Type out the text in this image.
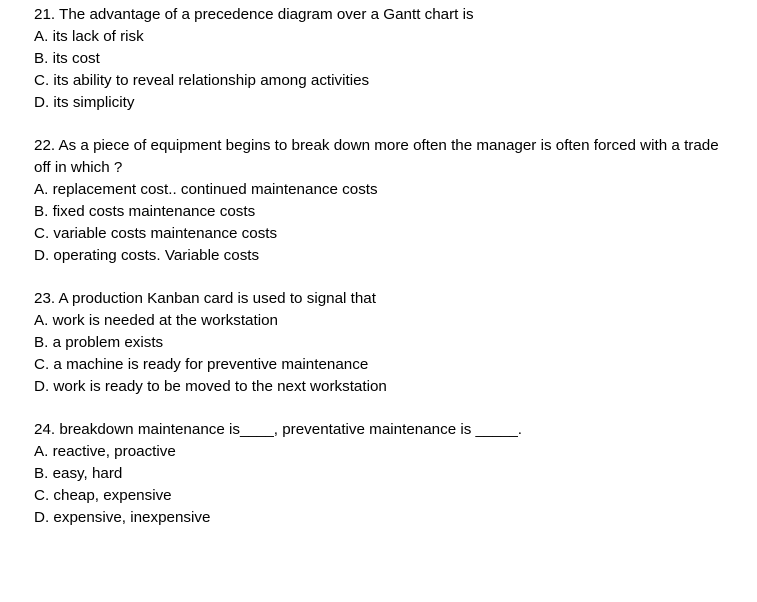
21. The advantage of a precedence diagram over a Gantt chart is

A. its lack of risk

B. its cost

C. its ability to reveal relationship among activities

D. its simplicity

22. As a piece of equipment begins to break down more often the manager is often forced with a trade off in which ?

A. replacement cost.. continued maintenance costs

B. fixed costs maintenance costs

C. variable costs maintenance costs

D. operating costs. Variable costs

23. A production Kanban card is used to signal that

A. work is needed at the workstation

B. a problem exists

C. a machine is ready for preventive maintenance

D. work is ready to be moved to the next workstation

24. breakdown maintenance is____, preventative maintenance is _____.

A. reactive, proactive

B. easy, hard

C. cheap, expensive

D. expensive, inexpensive
